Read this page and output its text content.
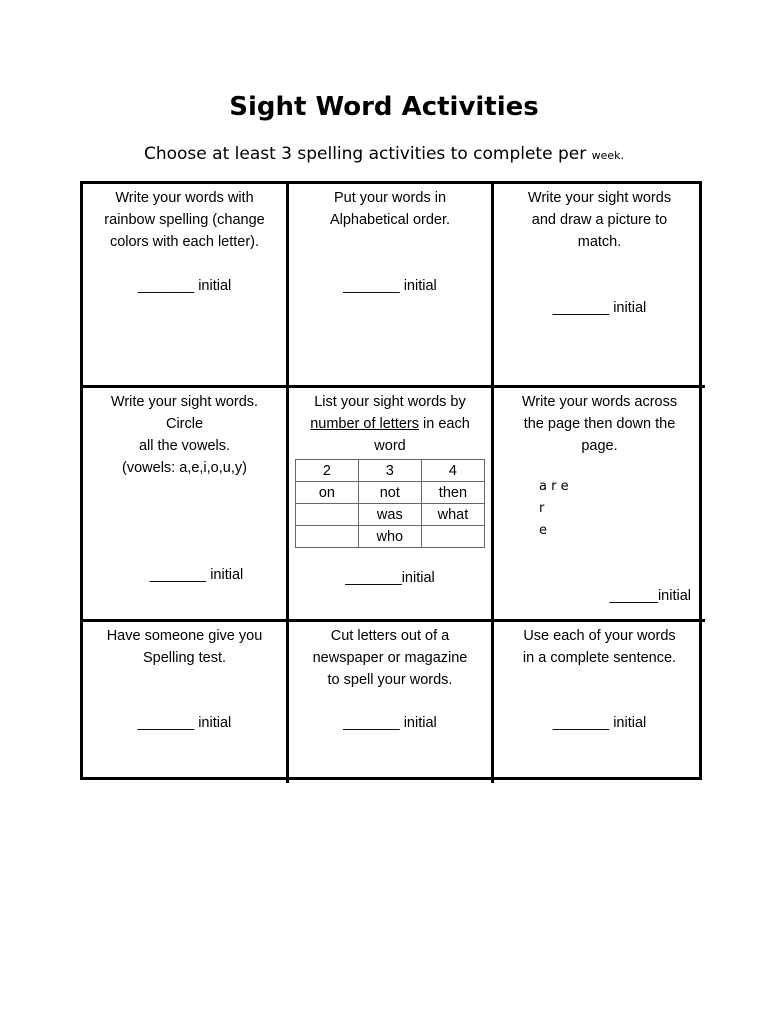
Sight Word Activities
Choose at least 3 spelling activities to complete per week.
Write your words with
rainbow spelling (change
colors with each letter).
_______ initial
Put your words in
Alphabetical order.
_______ initial
Write your sight words
and draw a picture to
match.
_______ initial
Write your sight words.
Circle
all the vowels.
(vowels: a,e,i,o,u,y)
_______ initial
List your sight words by
number of letters in each
word
2	3	4
on	not	then
	was	what
	who	
_______initial
Write your words across
the page then down the
page.
a r e
r
e
______initial
Have someone give you
Spelling test.
_______ initial
Cut letters out of a
newspaper or magazine
to spell your words.
_______ initial
Use each of your words
in a complete sentence.
_______ initial
